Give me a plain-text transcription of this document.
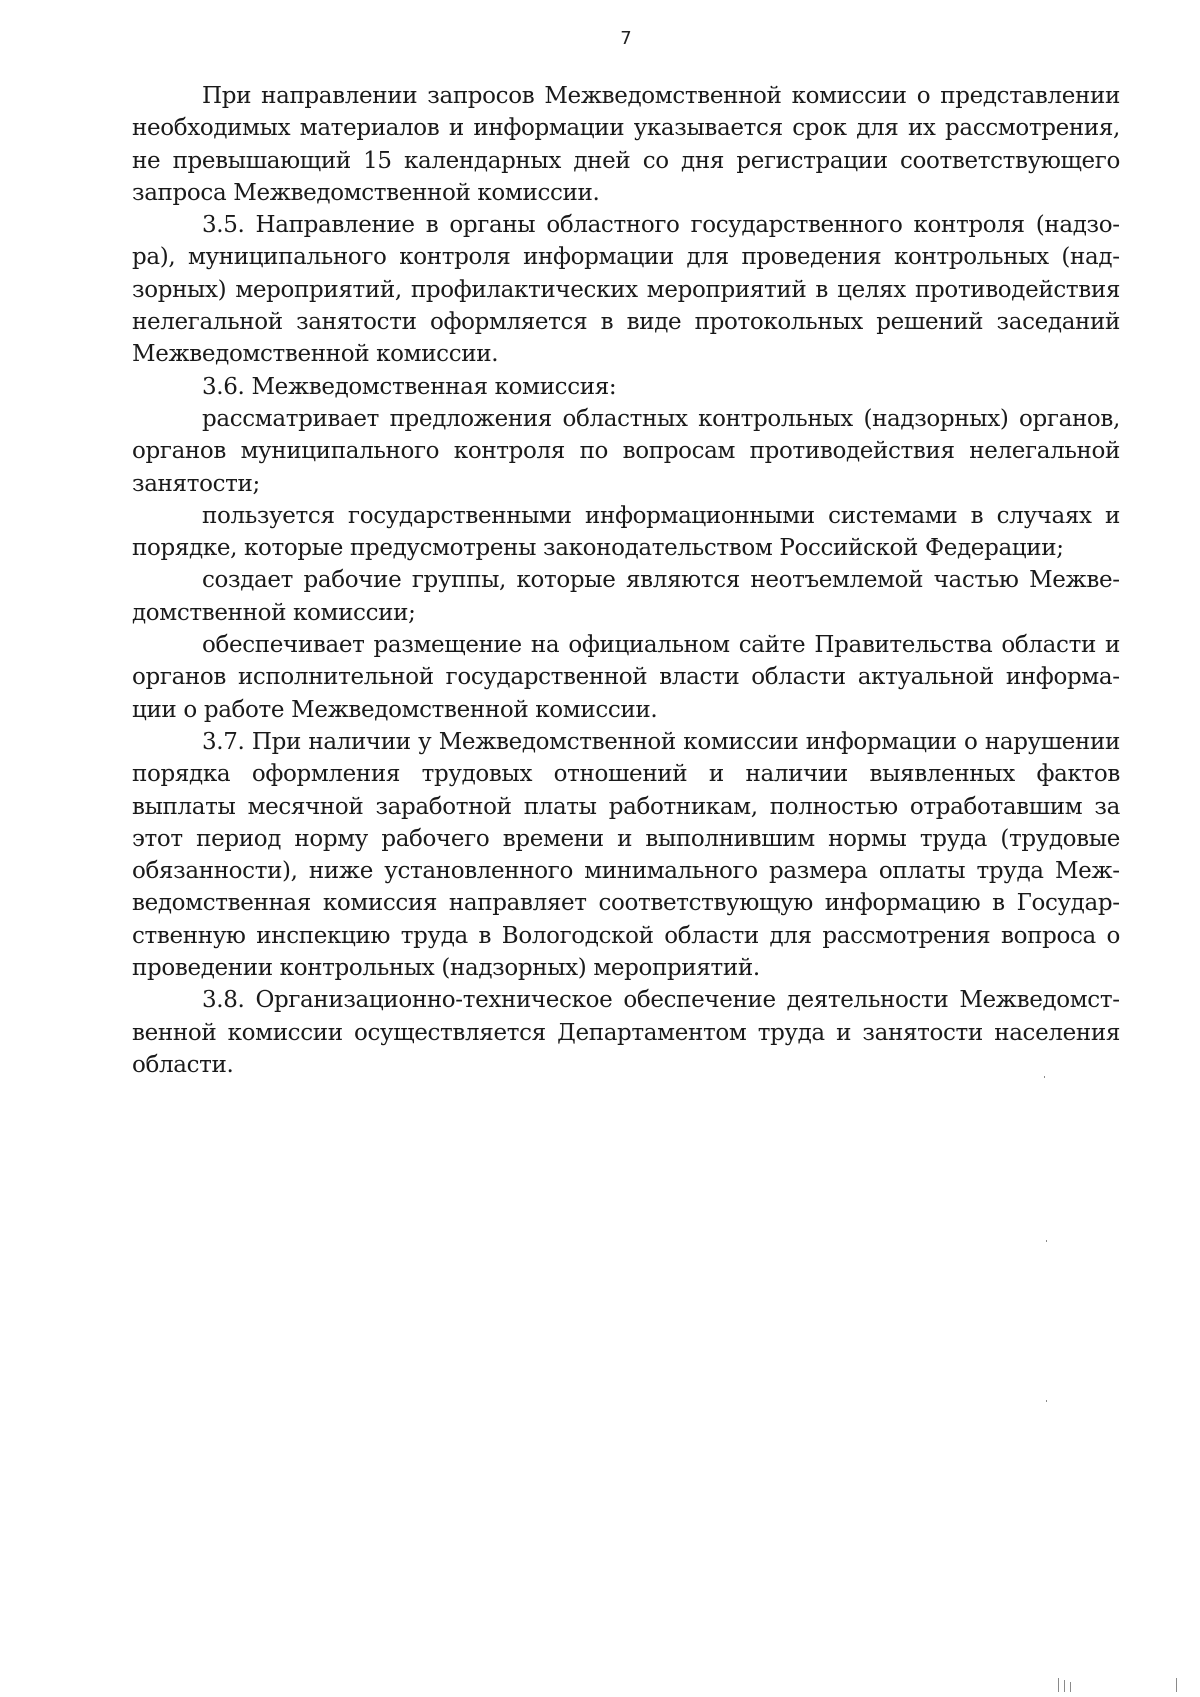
7

При направлении запросов Межведомственной комиссии о представлении необходимых материалов и информации указывается срок для их рассмотрения, не превышающий 15 календарных дней со дня регистрации соответствующего запроса Межведомственной комиссии.

3.5. Направление в органы областного государственного контроля (надзора), муниципального контроля информации для проведения контрольных (надзорных) мероприятий, профилактических мероприятий в целях противодействия нелегальной занятости оформляется в виде протокольных решений заседаний Межведомственной комиссии.

3.6. Межведомственная комиссия:

рассматривает предложения областных контрольных (надзорных) органов, органов муниципального контроля по вопросам противодействия нелегальной занятости;

пользуется государственными информационными системами в случаях и порядке, которые предусмотрены законодательством Российской Федерации;

создает рабочие группы, которые являются неотъемлемой частью Межведомственной комиссии;

обеспечивает размещение на официальном сайте Правительства области и органов исполнительной государственной власти области актуальной информации о работе Межведомственной комиссии.

3.7. При наличии у Межведомственной комиссии информации о нарушении порядка оформления трудовых отношений и наличии выявленных фактов выплаты месячной заработной платы работникам, полностью отработавшим за этот период норму рабочего времени и выполнившим нормы труда (трудовые обязанности), ниже установленного минимального размера оплаты труда Межведомственная комиссия направляет соответствующую информацию в Государственную инспекцию труда в Вологодской области для рассмотрения вопроса о проведении контрольных (надзорных) мероприятий.

3.8. Организационно-техническое обеспечение деятельности Межведомственной комиссии осуществляется Департаментом труда и занятости населения области.
